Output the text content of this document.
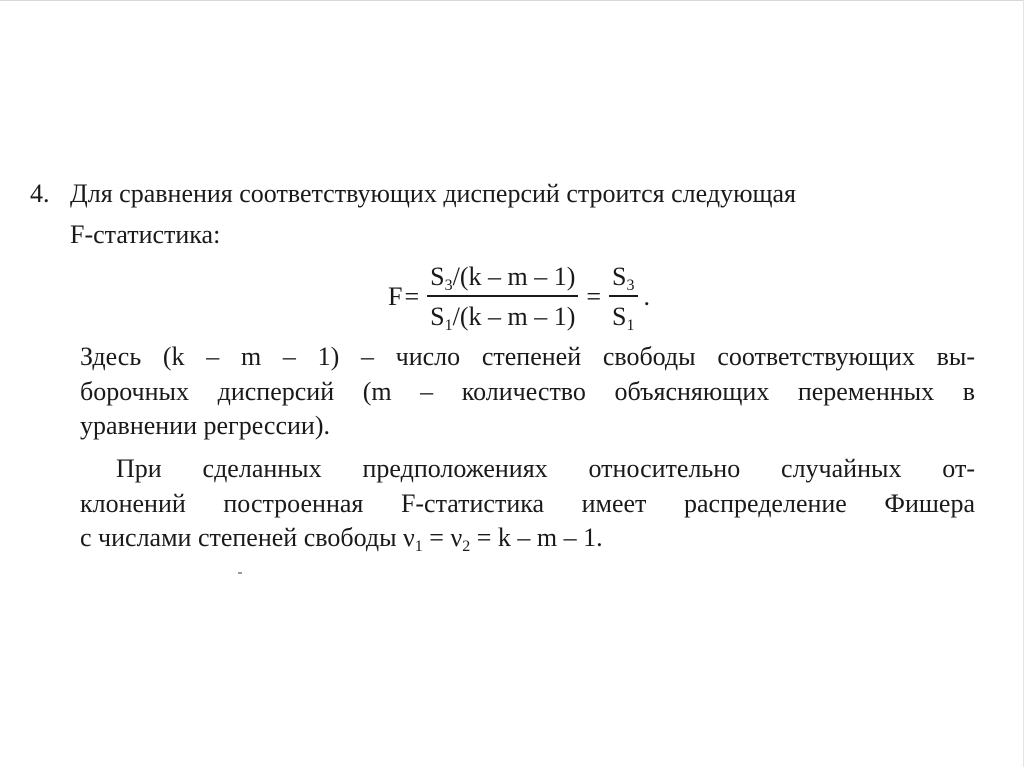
4. Для сравнения соответствующих дисперсий строится следующая
F-статистика:
$F = \frac{S_3/(k - m - 1)}{S_1/(k - m - 1)} = \frac{S_3}{S_1}$ .
Здесь (k – m – 1) – число степеней свободы соответствующих вы-
борочных дисперсий (m – количество объясняющих переменных в
уравнении регрессии).
При сделанных предположениях относительно случайных от-
клонений построенная F-статистика имеет распределение Фишера
с числами степеней свободы $\nu_1 = \nu_2 = k - m - 1$.
